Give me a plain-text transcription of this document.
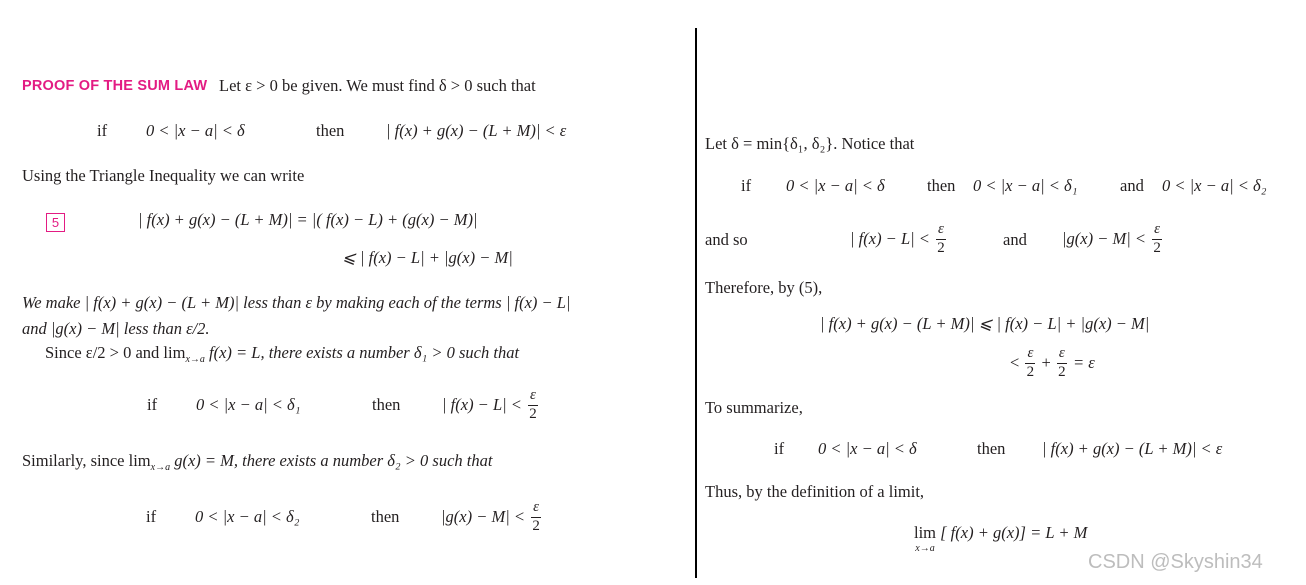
PROOF OF THE SUM LAW Let ε > 0 be given. We must find δ > 0 such that
if 0 < |x − a| < δ	then	| f(x) + g(x) − (L + M)| < ε
Using the Triangle Inequality we can write
5	| f(x) + g(x) − (L + M)| = |( f(x) − L) + (g(x) − M)|
⩽ | f(x) − L| + |g(x) − M|
We make | f(x) + g(x) − (L + M)| less than ε by making each of the terms | f(x) − L|
and |g(x) − M| less than ε/2.
Since ε/2 > 0 and $\lim_{x\to a} f(x) = L$, there exists a number δ₁ > 0 such that
if 0 < |x − a| < δ₁	then	| $f(x) - L| < \frac{\varepsilon}{2}$
Similarly, since $\lim_{x\to a} g(x) = M$, there exists a number δ₂ > 0 such that
if 0 < |x − a| < δ₂	then	$|g(x) - M| < \frac{\varepsilon}{2}$
Let δ = min{δ₁, δ₂}. Notice that
if 0 < |x − a| < δ	then 0 < |x − a| < δ₁	and 0 < |x − a| < δ₂
and so	| $f(x) - L| < \frac{\varepsilon}{2}$	and $|g(x) - M| < \frac{\varepsilon}{2}$
Therefore, by (5),
| f(x) + g(x) − (L + M)| ⩽ | f(x) − L| + |g(x) − M|
< $\frac{\varepsilon}{2} + \frac{\varepsilon}{2} = \varepsilon$
To summarize,
if 0 < |x − a| < δ	then | f(x) + g(x) − (L + M)| < ε
Thus, by the definition of a limit,
lim
x→a
[ f(x) + g(x)] = L + M
CSDN @Skyshin34
